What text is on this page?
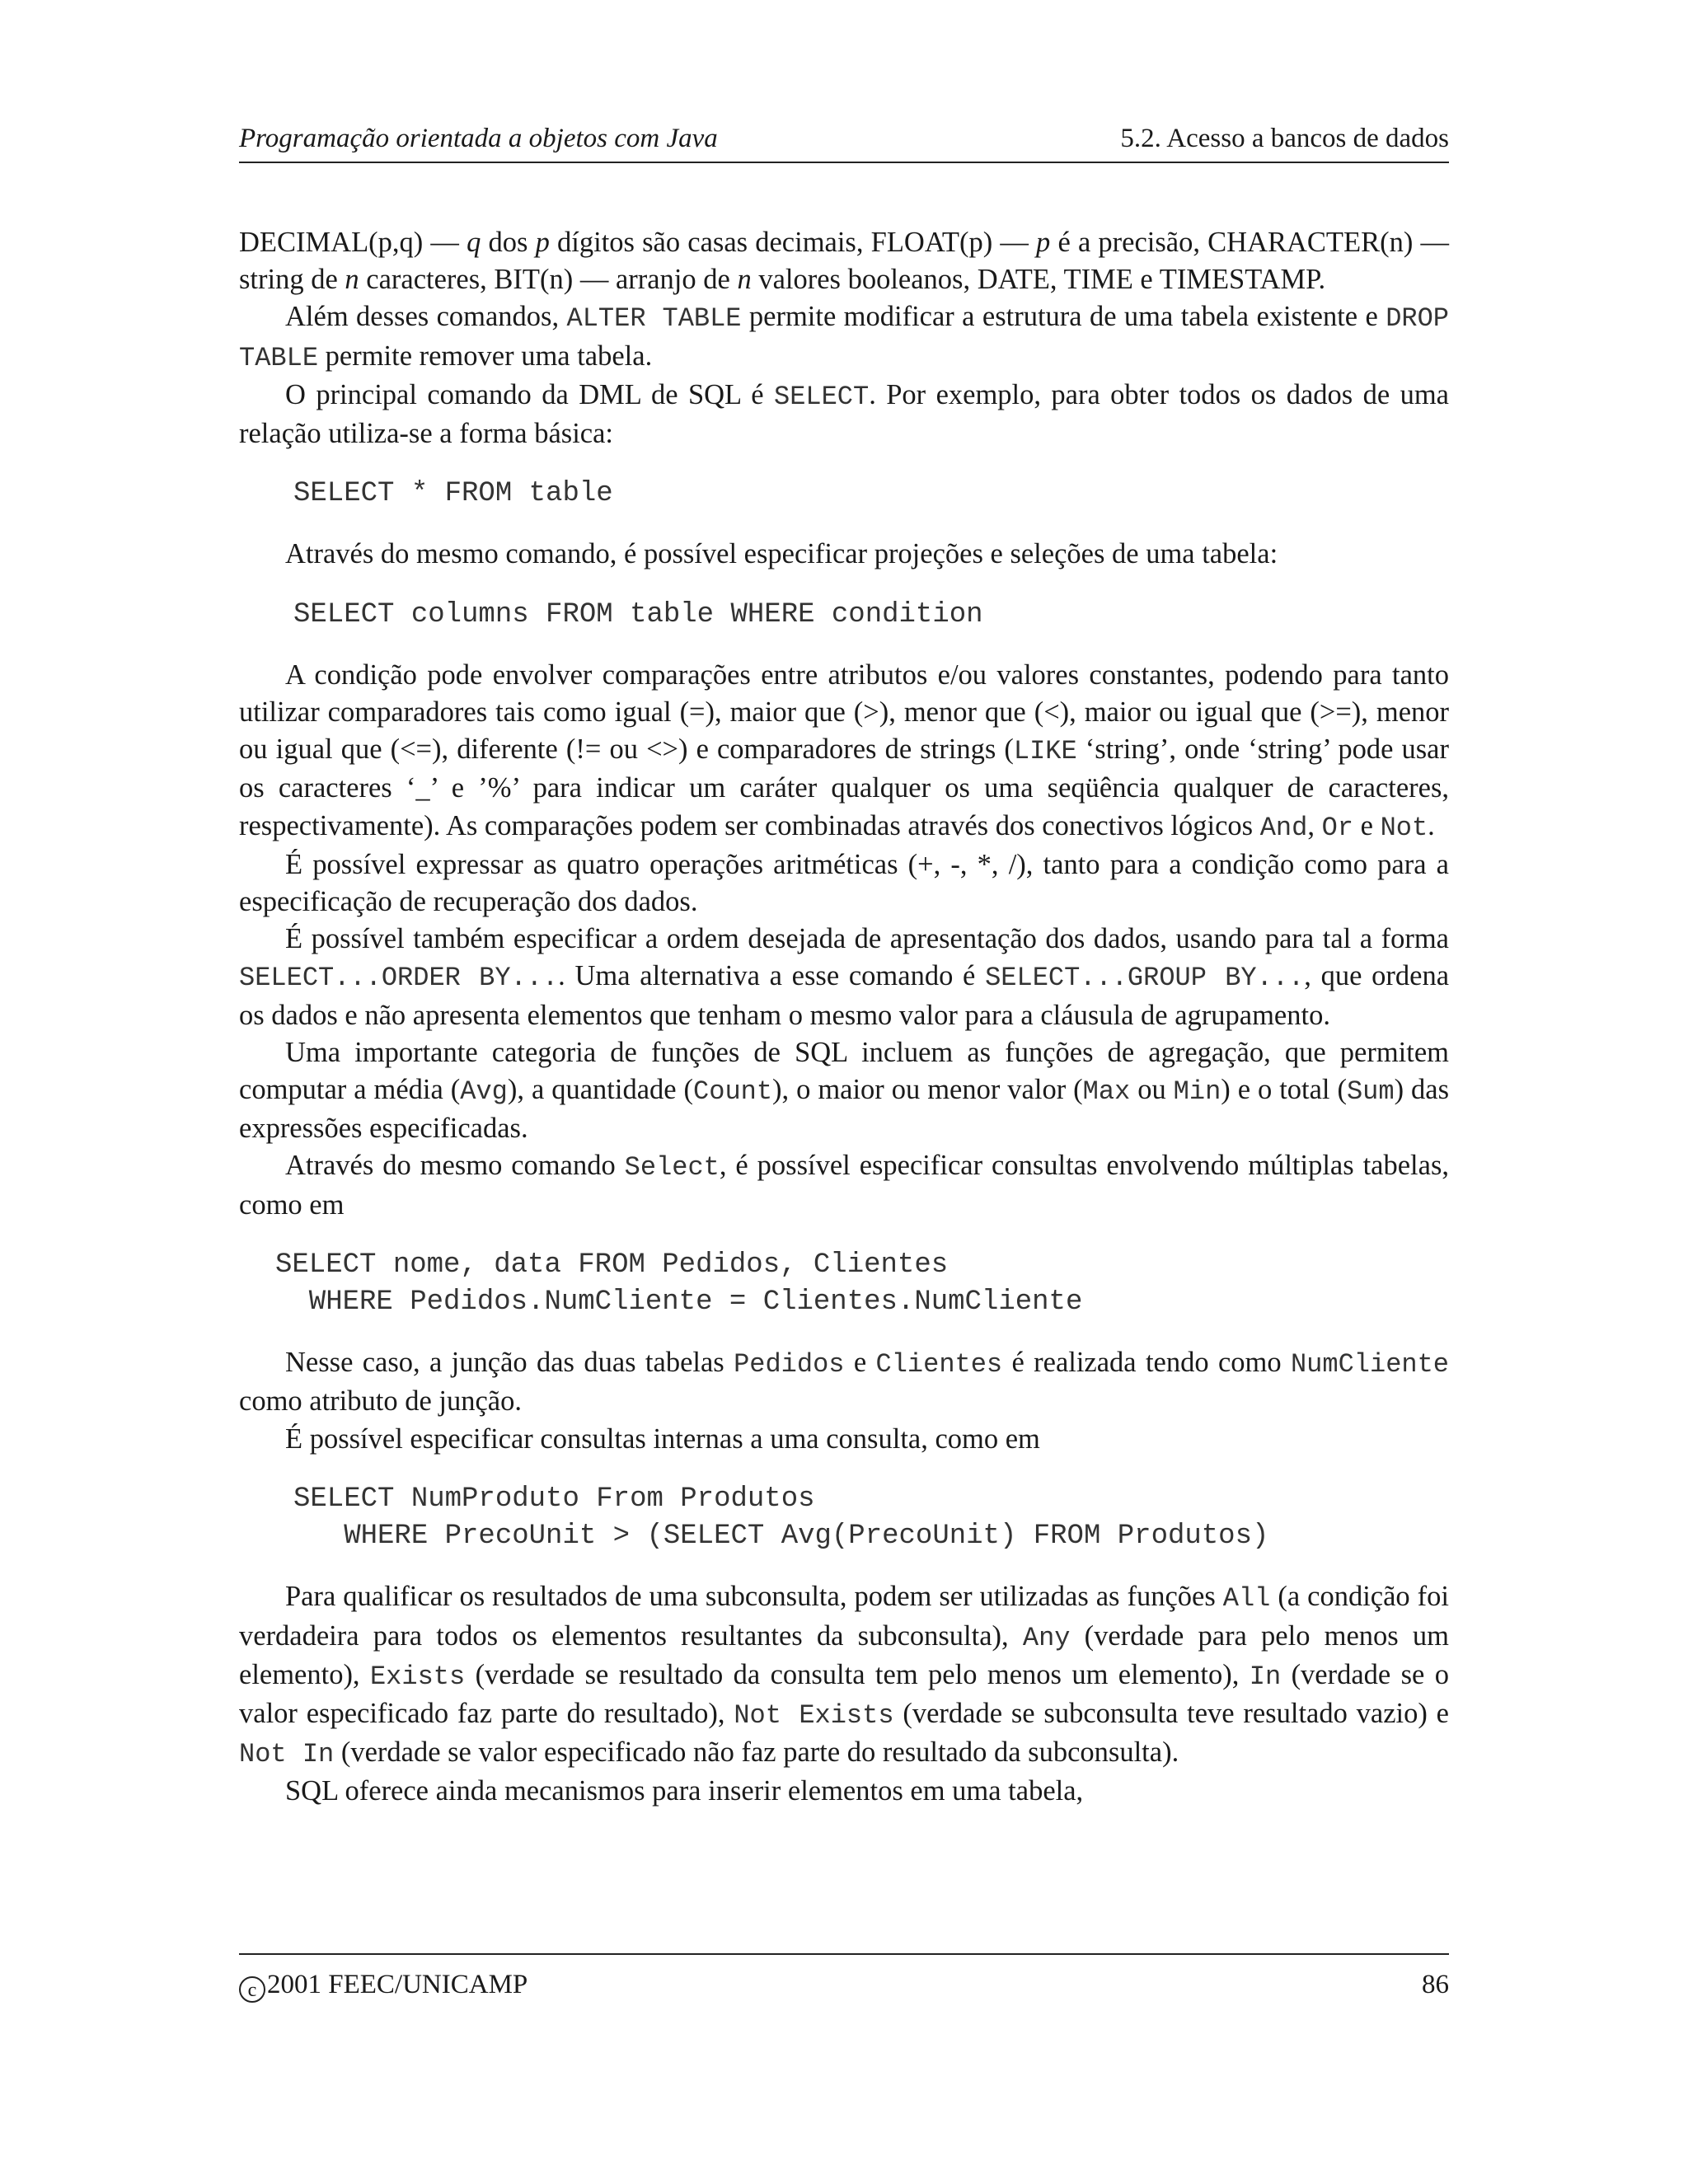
Programação orientada a objetos com Java	5.2. Acesso a bancos de dados

DECIMAL(p,q) — q dos p dígitos são casas decimais, FLOAT(p) — p é a precisão, CHARACTER(n) — string de n caracteres, BIT(n) — arranjo de n valores booleanos, DATE, TIME e TIMESTAMP.

Além desses comandos, ALTER TABLE permite modificar a estrutura de uma tabela existente e DROP TABLE permite remover uma tabela.

O principal comando da DML de SQL é SELECT. Por exemplo, para obter todos os dados de uma relação utiliza-se a forma básica:

SELECT * FROM table

Através do mesmo comando, é possível especificar projeções e seleções de uma tabela:

SELECT columns FROM table WHERE condition

A condição pode envolver comparações entre atributos e/ou valores constantes, podendo para tanto utilizar comparadores tais como igual (=), maior que (>), menor que (<), maior ou igual que (>=), menor ou igual que (<=), diferente (!= ou <>) e comparadores de strings (LIKE ‘string’, onde ‘string’ pode usar os caracteres ‘_’ e ’%’ para indicar um caráter qualquer os uma seqüência qualquer de caracteres, respectivamente). As comparações podem ser combinadas através dos conectivos lógicos And, Or e Not.

É possível expressar as quatro operações aritméticas (+, -, *, /), tanto para a condição como para a especificação de recuperação dos dados.

É possível também especificar a ordem desejada de apresentação dos dados, usando para tal a forma SELECT...ORDER BY.... Uma alternativa a esse comando é SELECT...GROUP BY..., que ordena os dados e não apresenta elementos que tenham o mesmo valor para a cláusula de agrupamento.

Uma importante categoria de funções de SQL incluem as funções de agregação, que permitem computar a média (Avg), a quantidade (Count), o maior ou menor valor (Max ou Min) e o total (Sum) das expressões especificadas.

Através do mesmo comando Select, é possível especificar consultas envolvendo múltiplas tabelas, como em

SELECT nome, data FROM Pedidos, Clientes
WHERE Pedidos.NumCliente = Clientes.NumCliente

Nesse caso, a junção das duas tabelas Pedidos e Clientes é realizada tendo como NumCliente como atributo de junção.

É possível especificar consultas internas a uma consulta, como em

SELECT NumProduto From Produtos
WHERE PrecoUnit > (SELECT Avg(PrecoUnit) FROM Produtos)

Para qualificar os resultados de uma subconsulta, podem ser utilizadas as funções All (a condição foi verdadeira para todos os elementos resultantes da subconsulta), Any (verdade para pelo menos um elemento), Exists (verdade se resultado da consulta tem pelo menos um elemento), In (verdade se o valor especificado faz parte do resultado), Not Exists (verdade se subconsulta teve resultado vazio) e Not In (verdade se valor especificado não faz parte do resultado da subconsulta).

SQL oferece ainda mecanismos para inserir elementos em uma tabela,

c 2001 FEEC/UNICAMP	86
